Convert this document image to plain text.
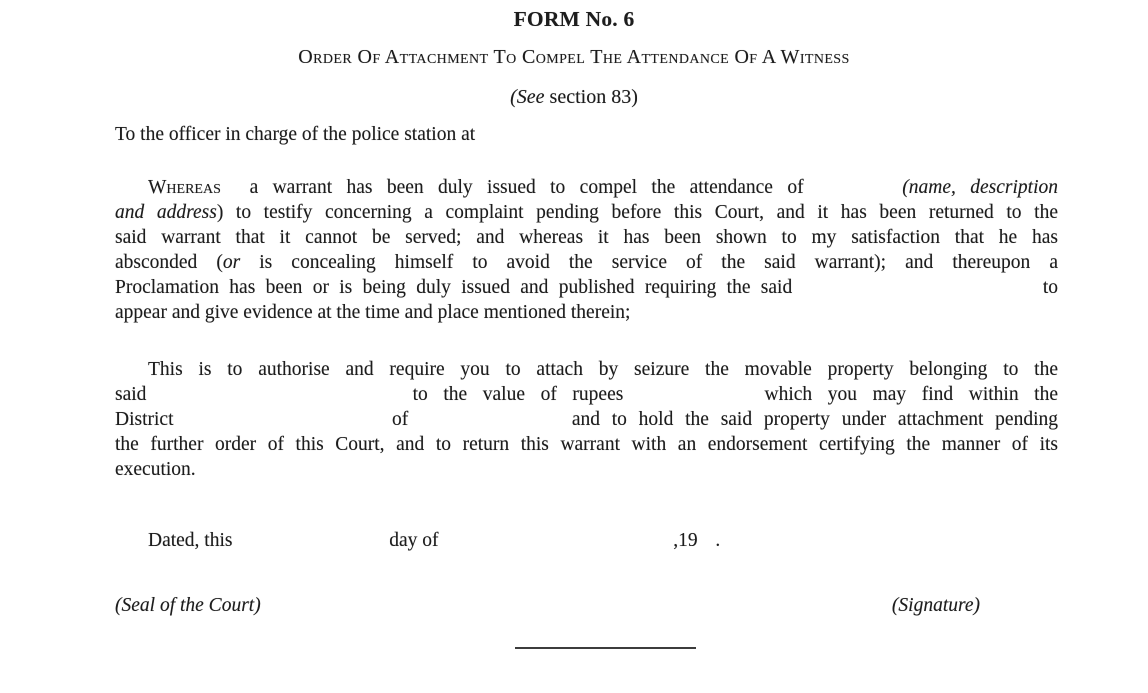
FORM No. 6
Order Of Attachment To Compel The Attendance Of A Witness
(See section 83)
To the officer in charge of the police station at
Whereas  a warrant has been duly issued to compel the attendance of	(name, description
and address) to testify concerning a complaint pending before this Court, and it has been returned to the
said warrant that it cannot be served; and whereas it has been shown to my satisfaction that he has
absconded (or is concealing himself to avoid the service of the said warrant); and thereupon a
Proclamation has been or is being duly issued and published requiring the said	to
appear and give evidence at the time and place mentioned therein;
This is to authorise and require you to attach by seizure the movable property belonging to the
said	to the value of rupees	which you may find within the
District	of	and to hold the said property under attachment pending
the further order of this Court, and to return this warrant with an endorsement certifying the manner of its
execution.
Dated, this	day of	,19 .
(Seal of the Court)	(Signature)
